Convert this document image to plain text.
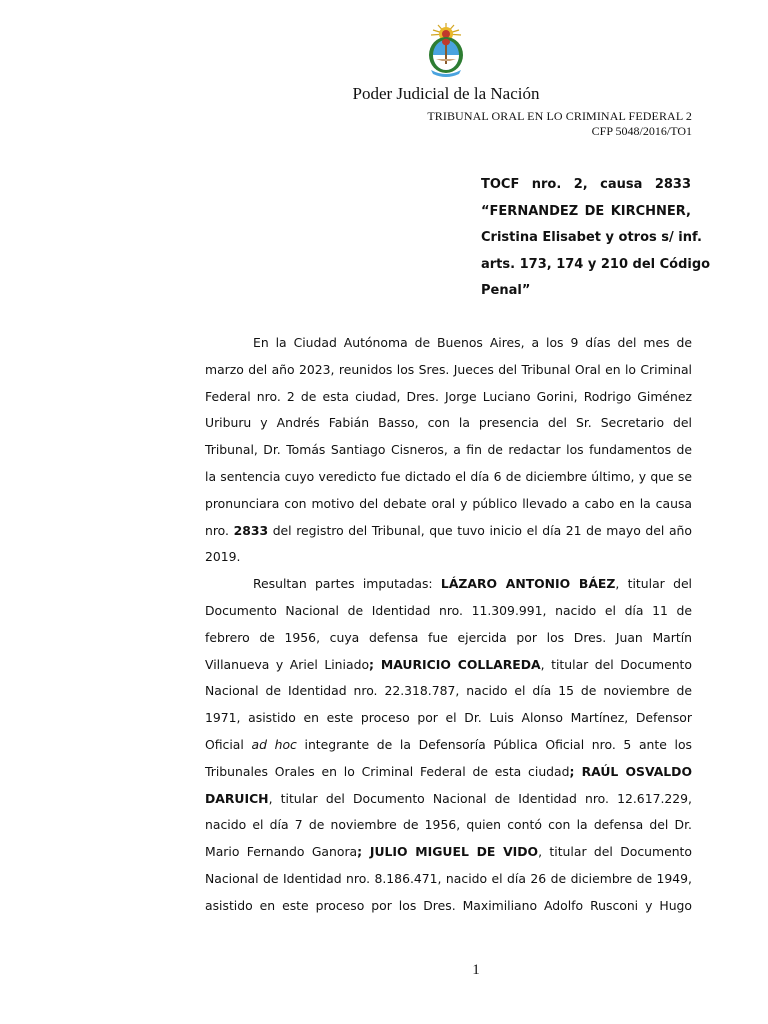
Poder Judicial de la Nación
TRIBUNAL ORAL EN LO CRIMINAL FEDERAL 2
CFP 5048/2016/TO1
TOCF nro. 2, causa 2833
“FERNANDEZ DE KIRCHNER,
Cristina Elisabet y otros s/ inf.
arts. 173, 174 y 210 del Código
Penal”

En la Ciudad Autónoma de Buenos Aires, a los 9 días del mes de
marzo del año 2023, reunidos los Sres. Jueces del Tribunal Oral en lo Criminal
Federal nro. 2 de esta ciudad, Dres. Jorge Luciano Gorini, Rodrigo Giménez
Uriburu y Andrés Fabián Basso, con la presencia del Sr. Secretario del
Tribunal, Dr. Tomás Santiago Cisneros, a fin de redactar los fundamentos de
la sentencia cuyo veredicto fue dictado el día 6 de diciembre último, y que se
pronunciara con motivo del debate oral y público llevado a cabo en la causa
nro. 2833 del registro del Tribunal, que tuvo inicio el día 21 de mayo del año
2019.

Resultan partes imputadas: LÁZARO ANTONIO BÁEZ, titular del
Documento Nacional de Identidad nro. 11.309.991, nacido el día 11 de
febrero de 1956, cuya defensa fue ejercida por los Dres. Juan Martín
Villanueva y Ariel Liniado; MAURICIO COLLAREDA, titular del Documento
Nacional de Identidad nro. 22.318.787, nacido el día 15 de noviembre de
1971, asistido en este proceso por el Dr. Luis Alonso Martínez, Defensor
Oficial ad hoc integrante de la Defensoría Pública Oficial nro. 5 ante los
Tribunales Orales en lo Criminal Federal de esta ciudad; RAÚL OSVALDO
DARUICH, titular del Documento Nacional de Identidad nro. 12.617.229,
nacido el día 7 de noviembre de 1956, quien contó con la defensa del Dr.
Mario Fernando Ganora; JULIO MIGUEL DE VIDO, titular del Documento
Nacional de Identidad nro. 8.186.471, nacido el día 26 de diciembre de 1949,
asistido en este proceso por los Dres. Maximiliano Adolfo Rusconi y Hugo

1
